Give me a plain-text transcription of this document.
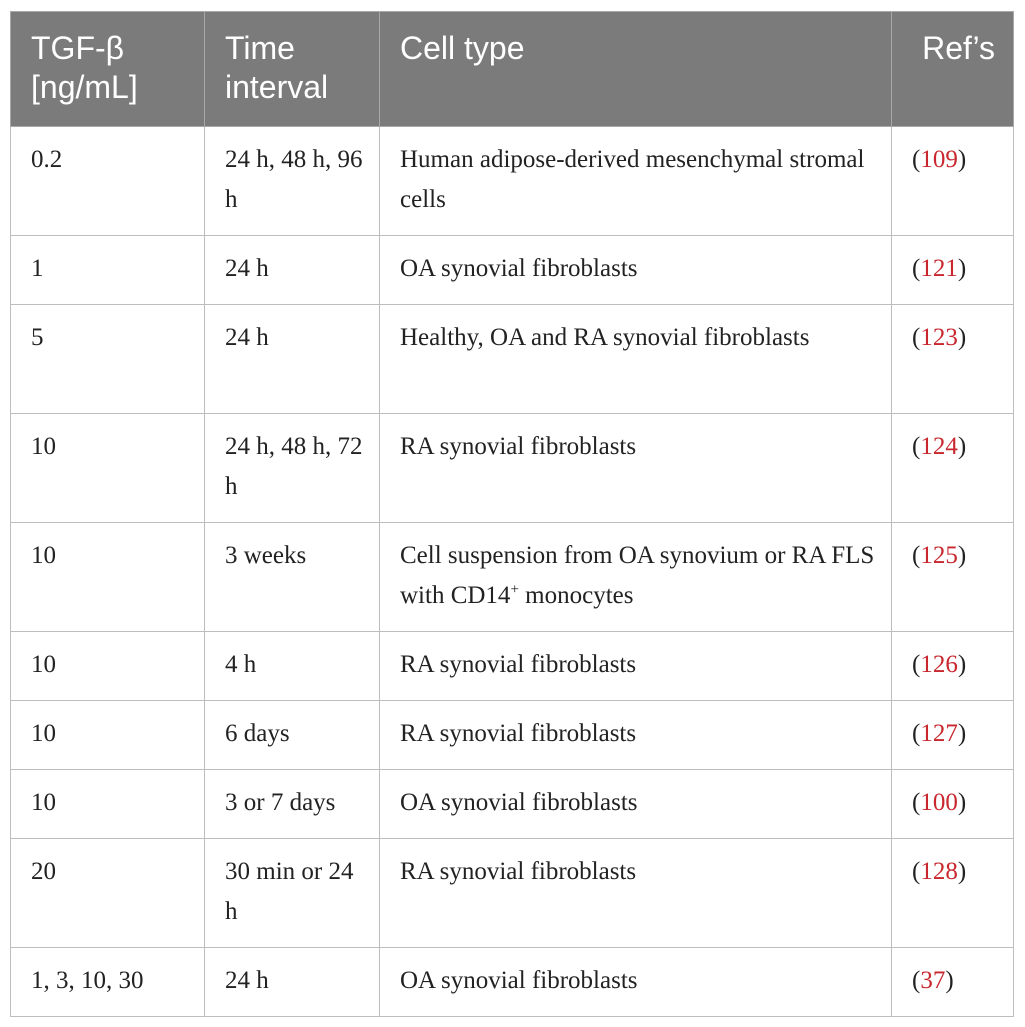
TGF-β [ng/mL]	Time interval	Cell type	Ref’s
0.2	24 h, 48 h, 96 h	Human adipose-derived mesenchymal stromal cells	(109)
1	24 h	OA synovial fibroblasts	(121)
5	24 h	Healthy, OA and RA synovial fibroblasts	(123)
10	24 h, 48 h, 72 h	RA synovial fibroblasts	(124)
10	3 weeks	Cell suspension from OA synovium or RA FLS with CD14+ monocytes	(125)
10	4 h	RA synovial fibroblasts	(126)
10	6 days	RA synovial fibroblasts	(127)
10	3 or 7 days	OA synovial fibroblasts	(100)
20	30 min or 24 h	RA synovial fibroblasts	(128)
1, 3, 10, 30	24 h	OA synovial fibroblasts	(37)
